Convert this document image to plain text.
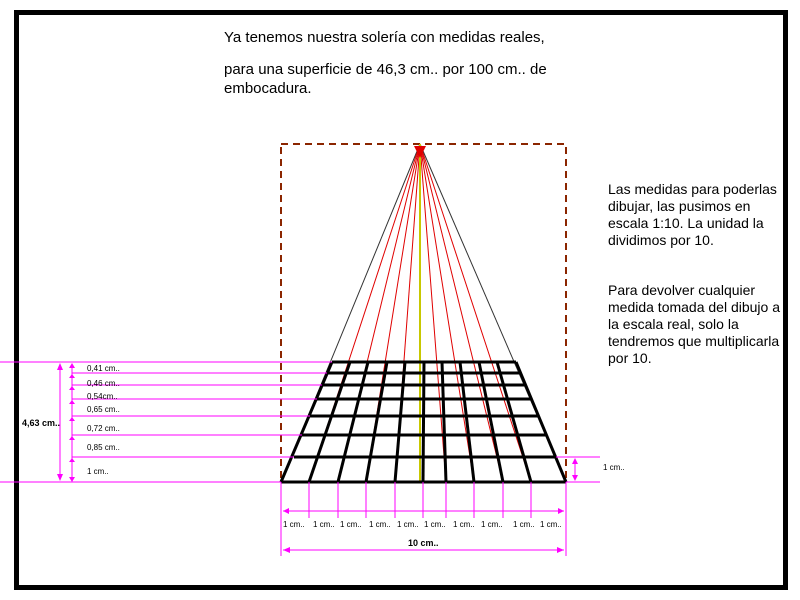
Ya tenemos nuestra solería con medidas reales,
para una superficie de 46,3 cm.. por 100 cm.. de embocadura.
Las medidas para poderlas dibujar, las pusimos en escala 1:10. La unidad la dividimos por 10.
Para devolver cualquier medida tomada del dibujo a la escala real, solo la tendremos que multiplicarla por 10.
4,63 cm..
0,41 cm..
0,46 cm..
0,54cm..
0,65 cm..
0,72 cm..
0,85 cm..
1 cm..	1 cm..
1 cm.. 1 cm.. 1 cm.. 1 cm.. 1 cm.. 1 cm.. 1 cm.. 1 cm.. 1 cm.. 1 cm..
10 cm..
